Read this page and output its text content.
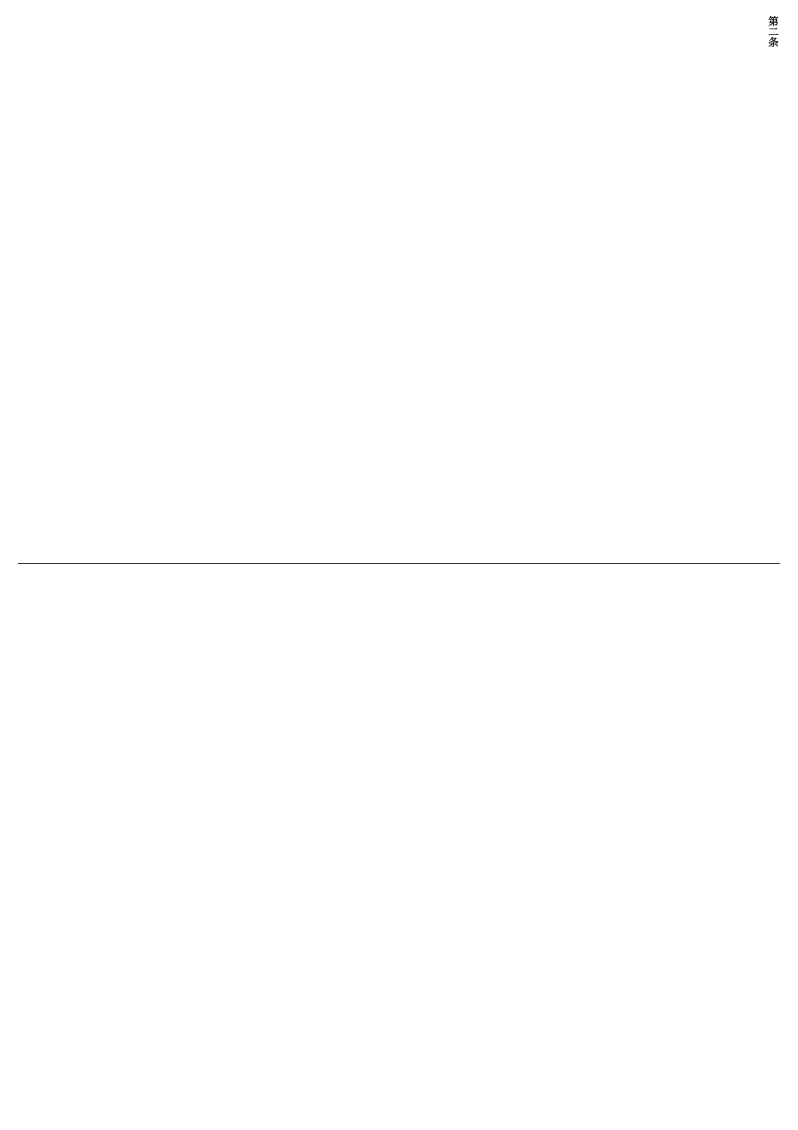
第二条
